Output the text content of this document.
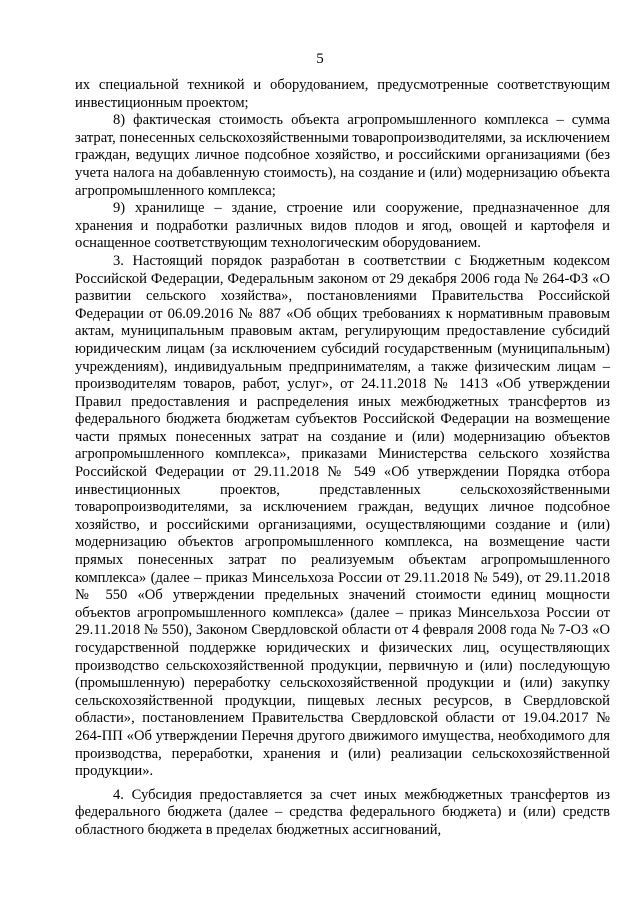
5

их специальной техникой и оборудованием, предусмотренные соответствующим инвестиционным проектом;

8) фактическая стоимость объекта агропромышленного комплекса – сумма затрат, понесенных сельскохозяйственными товаропроизводителями, за исключением граждан, ведущих личное подсобное хозяйство, и российскими организациями (без учета налога на добавленную стоимость), на создание и (или) модернизацию объекта агропромышленного комплекса;

9) хранилище – здание, строение или сооружение, предназначенное для хранения и подработки различных видов плодов и ягод, овощей и картофеля и оснащенное соответствующим технологическим оборудованием.

3. Настоящий порядок разработан в соответствии с Бюджетным кодексом Российской Федерации, Федеральным законом от 29 декабря 2006 года № 264-ФЗ «О развитии сельского хозяйства», постановлениями Правительства Российской Федерации от 06.09.2016 № 887 «Об общих требованиях к нормативным правовым актам, муниципальным правовым актам, регулирующим предоставление субсидий юридическим лицам (за исключением субсидий государственным (муниципальным) учреждениям), индивидуальным предпринимателям, а также физическим лицам – производителям товаров, работ, услуг», от 24.11.2018 № 1413 «Об утверждении Правил предоставления и распределения иных межбюджетных трансфертов из федерального бюджета бюджетам субъектов Российской Федерации на возмещение части прямых понесенных затрат на создание и (или) модернизацию объектов агропромышленного комплекса», приказами Министерства сельского хозяйства Российской Федерации от 29.11.2018 № 549 «Об утверждении Порядка отбора инвестиционных проектов, представленных сельскохозяйственными товаропроизводителями, за исключением граждан, ведущих личное подсобное хозяйство, и российскими организациями, осуществляющими создание и (или) модернизацию объектов агропромышленного комплекса, на возмещение части прямых понесенных затрат по реализуемым объектам агропромышленного комплекса» (далее – приказ Минсельхоза России от 29.11.2018 № 549), от 29.11.2018 № 550 «Об утверждении предельных значений стоимости единиц мощности объектов агропромышленного комплекса» (далее – приказ Минсельхоза России от 29.11.2018 № 550), Законом Свердловской области от 4 февраля 2008 года № 7-ОЗ «О государственной поддержке юридических и физических лиц, осуществляющих производство сельскохозяйственной продукции, первичную и (или) последующую (промышленную) переработку сельскохозяйственной продукции и (или) закупку сельскохозяйственной продукции, пищевых лесных ресурсов, в Свердловской области», постановлением Правительства Свердловской области от 19.04.2017 № 264-ПП «Об утверждении Перечня другого движимого имущества, необходимого для производства, переработки, хранения и (или) реализации сельскохозяйственной продукции».

4. Субсидия предоставляется за счет иных межбюджетных трансфертов из федерального бюджета (далее – средства федерального бюджета) и (или) средств областного бюджета в пределах бюджетных ассигнований,
